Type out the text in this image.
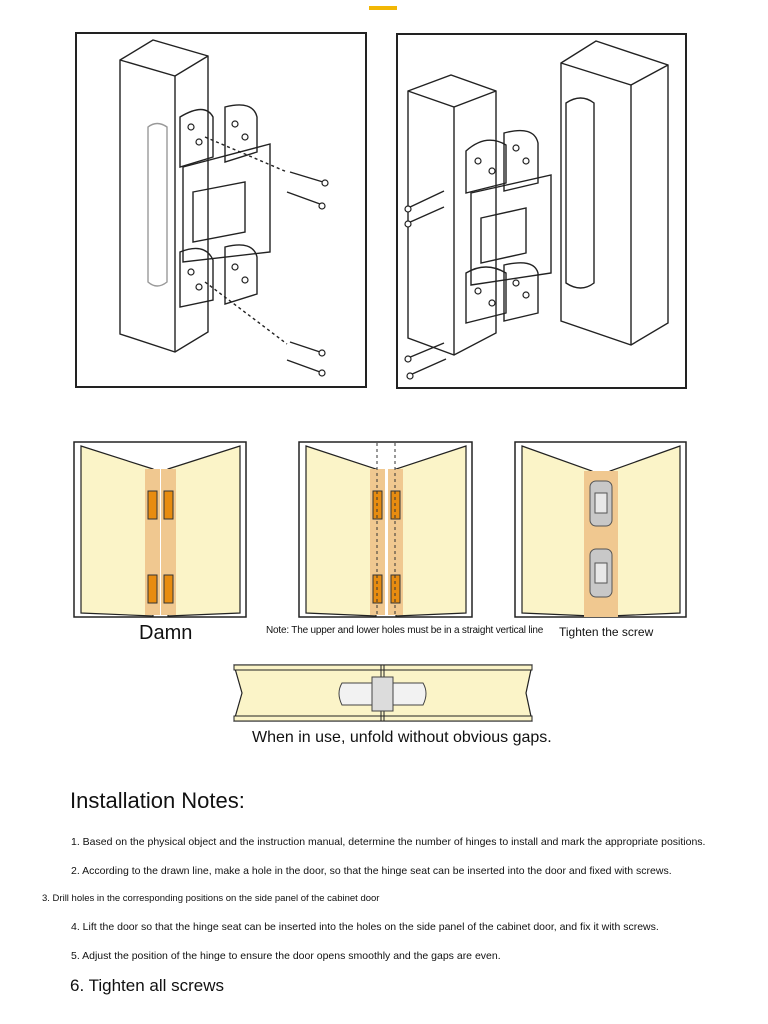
Damn	Note: The upper and lower holes must be in a straight vertical line Tighten the screw
When in use, unfold without obvious gaps.
Installation Notes:
1. Based on the physical object and the instruction manual, determine the number of hinges to install and mark the appropriate positions.
2. According to the drawn line, make a hole in the door, so that the hinge seat can be inserted into the door and fixed with screws.
3. Drill holes in the corresponding positions on the side panel of the cabinet door
4. Lift the door so that the hinge seat can be inserted into the holes on the side panel of the cabinet door, and fix it with screws.
5. Adjust the position of the hinge to ensure the door opens smoothly and the gaps are even.
6. Tighten all screws
